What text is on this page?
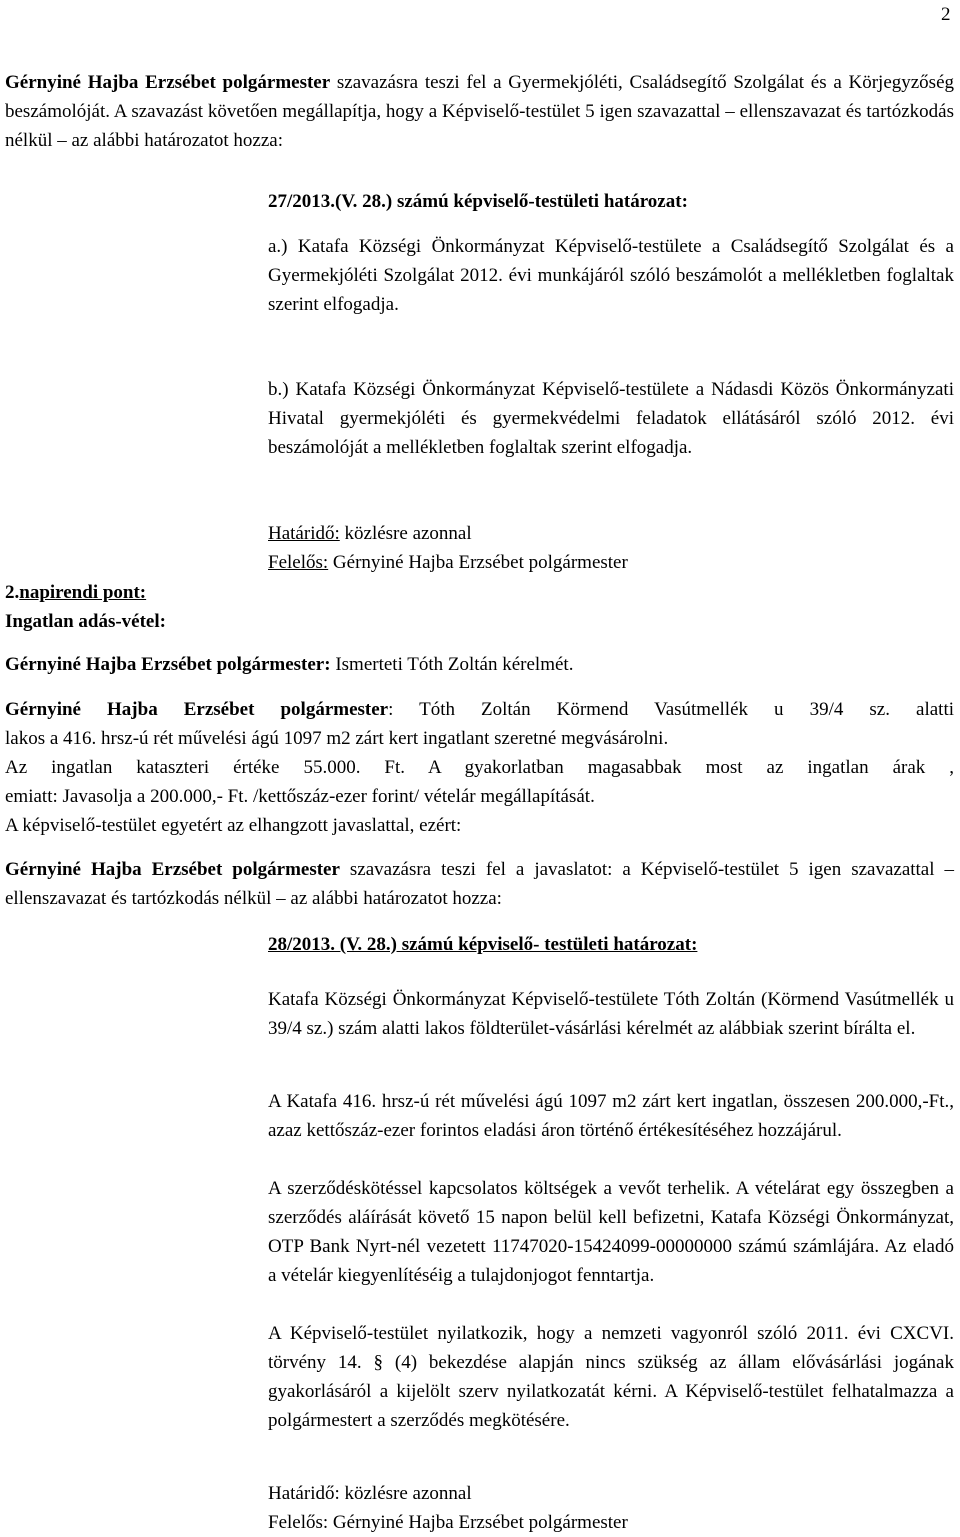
2

Gérnyiné Hajba Erzsébet polgármester szavazásra teszi fel a Gyermekjóléti, Családsegítő Szolgálat és a Körjegyzőség beszámolóját. A szavazást követően megállapítja, hogy a Képviselő-testület 5 igen szavazattal – ellenszavazat és tartózkodás nélkül – az alábbi határozatot hozza:

27/2013.(V. 28.) számú képviselő-testületi határozat:

a.) Katafa Községi Önkormányzat Képviselő-testülete a Családsegítő Szolgálat és a Gyermekjóléti Szolgálat 2012. évi munkájáról szóló beszámolót a mellékletben foglaltak szerint elfogadja.

b.) Katafa Községi Önkormányzat Képviselő-testülete a Nádasdi Közös Önkormányzati Hivatal gyermekjóléti és gyermekvédelmi feladatok ellátásáról szóló 2012. évi beszámolóját a mellékletben foglaltak szerint elfogadja.

Határidő: közlésre azonnal

Felelős: Gérnyiné Hajba Erzsébet polgármester

2.napirendi pont:

Ingatlan adás-vétel:

Gérnyiné Hajba Erzsébet polgármester: Ismerteti Tóth Zoltán kérelmét.

Gérnyiné Hajba Erzsébet polgármester: Tóth Zoltán Körmend Vasútmellék u 39/4 sz. alatti

lakos a 416. hrsz-ú rét művelési ágú 1097 m2 zárt kert ingatlant szeretné megvásárolni.

Az ingatlan kataszteri értéke 55.000. Ft. A gyakorlatban magasabbak most az ingatlan árak ,

emiatt: Javasolja a 200.000,- Ft. /kettőszáz-ezer forint/ vételár megállapítását.

A képviselő-testület egyetért az elhangzott javaslattal, ezért:

Gérnyiné Hajba Erzsébet polgármester szavazásra teszi fel a javaslatot: a Képviselő-testület 5 igen szavazattal – ellenszavazat és tartózkodás nélkül – az alábbi határozatot hozza:

28/2013. (V. 28.) számú képviselő- testületi határozat:

Katafa Községi Önkormányzat Képviselő-testülete Tóth Zoltán (Körmend Vasútmellék u 39/4 sz.) szám alatti lakos földterület-vásárlási kérelmét az alábbiak szerint bírálta el.

A Katafa 416. hrsz-ú rét művelési ágú 1097 m2 zárt kert ingatlan, összesen 200.000,-Ft., azaz kettőszáz-ezer forintos eladási áron történő értékesítéséhez hozzájárul.

A szerződéskötéssel kapcsolatos költségek a vevőt terhelik. A vételárat egy összegben a szerződés aláírását követő 15 napon belül kell befizetni, Katafa Községi Önkormányzat, OTP Bank Nyrt-nél vezetett 11747020-15424099-00000000 számú számlájára. Az eladó a vételár kiegyenlítéséig a tulajdonjogot fenntartja.

A Képviselő-testület nyilatkozik, hogy a nemzeti vagyonról szóló 2011. évi CXCVI. törvény 14. § (4) bekezdése alapján nincs szükség az állam elővásárlási jogának gyakorlásáról a kijelölt szerv nyilatkozatát kérni. A Képviselő-testület felhatalmazza a polgármestert a szerződés megkötésére.

Határidő: közlésre azonnal

Felelős: Gérnyiné Hajba Erzsébet polgármester
